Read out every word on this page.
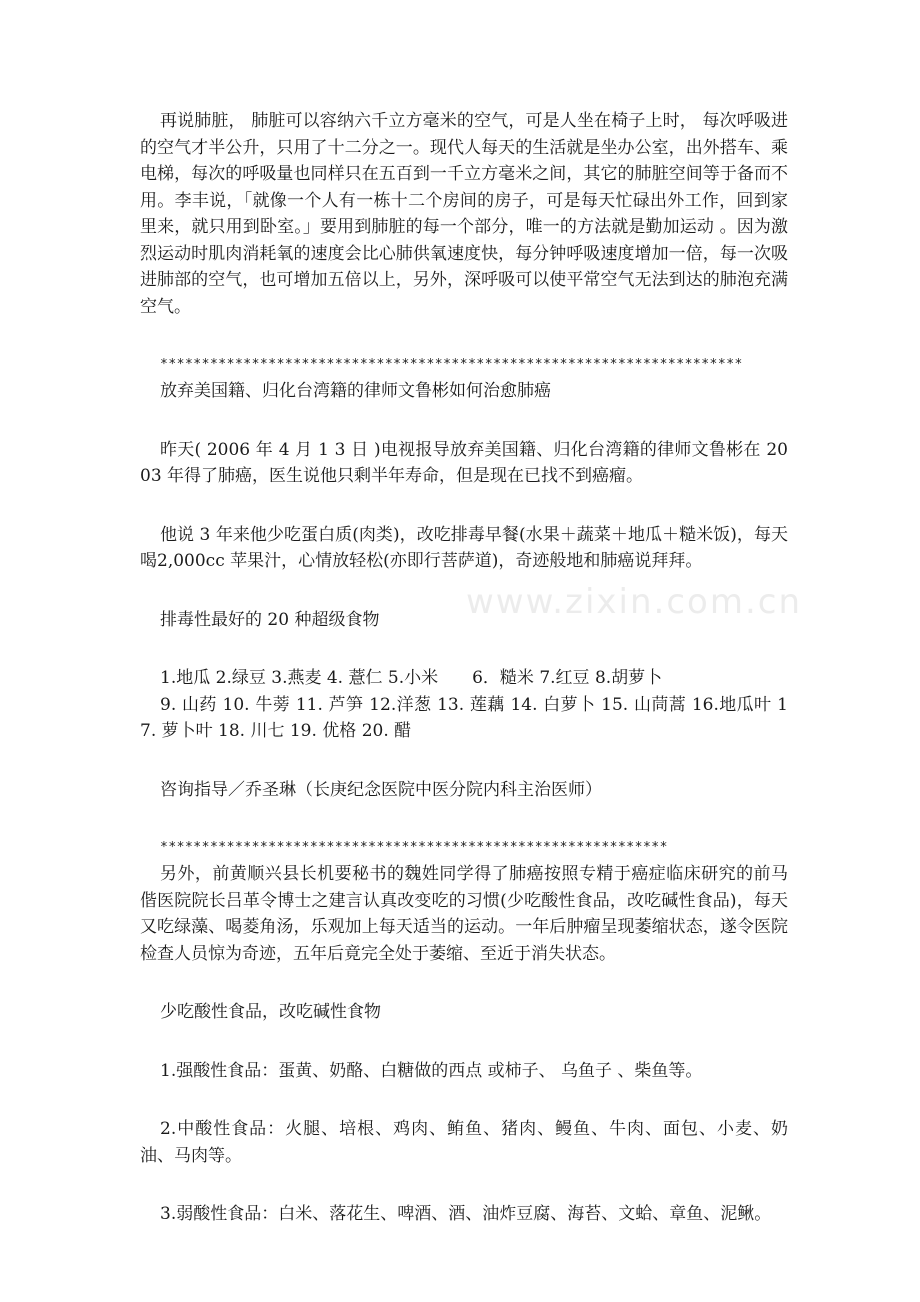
再说肺脏， 肺脏可以容纳六千立方毫米的空气，可是人坐在椅子上时， 每次呼吸进的空气才半公升，只用了十二分之一。现代人每天的生活就是坐办公室，出外搭车、乘电梯，每次的呼吸量也同样只在五百到一千立方毫米之间，其它的肺脏空间等于备而不用。李丰说，「就像一个人有一栋十二个房间的房子，可是每天忙碌出外工作，回到家里来，就只用到卧室。」要用到肺脏的每一个部分，唯一的方法就是勤加运动 。因为激烈运动时肌肉消耗氧的速度会比心肺供氧速度快，每分钟呼吸速度增加一倍，每一次吸进肺部的空气，也可增加五倍以上，另外，深呼吸可以使平常空气无法到达的肺泡充满空气。

**********************************************************************

放弃美国籍、归化台湾籍的律师文鲁彬如何治愈肺癌

昨天( 2006 年 4 月 1 3 日 )电视报导放弃美国籍、归化台湾籍的律师文鲁彬在 2003 年得了肺癌，医生说他只剩半年寿命，但是现在已找不到癌瘤。

他说 3 年来他少吃蛋白质(肉类)，改吃排毒早餐(水果＋蔬菜＋地瓜＋糙米饭)，每天喝2,000cc 苹果汁，心情放轻松(亦即行菩萨道)，奇迹般地和肺癌说拜拜。

排毒性最好的 20 种超级食物

1.地瓜 2.绿豆 3.燕麦 4. 薏仁 5.小米　　6．糙米 7.红豆 8.胡萝卜

9. 山药 10. 牛蒡 11. 芦笋 12.洋葱 13. 莲藕 14. 白萝卜 15. 山茼蒿 16.地瓜叶 17. 萝卜叶 18. 川七 19. 优格 20. 醋

咨询指导／乔圣琳（长庚纪念医院中医分院内科主治医师）

*************************************************************

另外，前黄顺兴县长机要秘书的魏姓同学得了肺癌按照专精于癌症临床研究的前马偕医院院长吕革令博士之建言认真改变吃的习惯(少吃酸性食品，改吃碱性食品)，每天又吃绿藻、喝菱角汤，乐观加上每天适当的运动。一年后肿瘤呈现萎缩状态，遂令医院检查人员惊为奇迹，五年后竟完全处于萎缩、至近于消失状态。

少吃酸性食品，改吃碱性食物

1.强酸性食品：蛋黄、奶酪、白糖做的西点 或柿子、 乌鱼子 、柴鱼等。

2.中酸性食品：火腿、培根、鸡肉、鲔鱼、猪肉、鳗鱼、牛肉、面包、小麦、奶油、马肉等。

3.弱酸性食品：白米、落花生、啤酒、酒、油炸豆腐、海苔、文蛤、章鱼、泥鳅。

www.zixin.com.cn
